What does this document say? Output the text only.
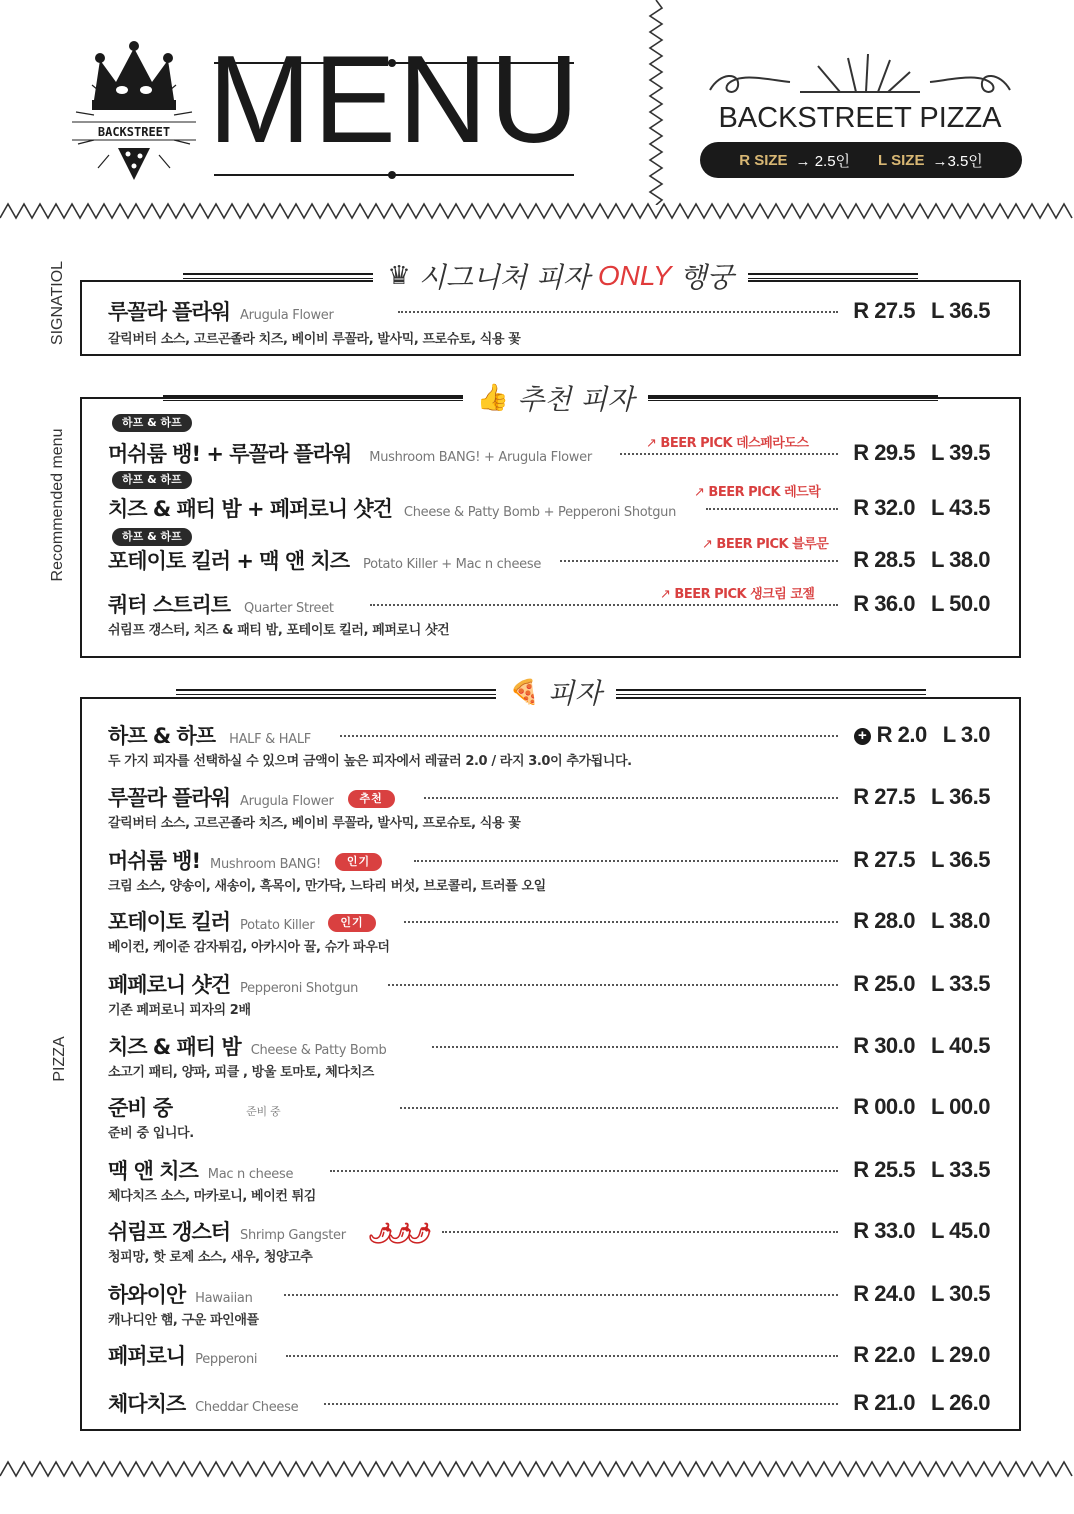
BACKSTREET MENU	BACKSTREET PIZZA
R SIZE → 2.5인 L SIZE →3.5인
SIGNATIOL	♛ 시그니처 피자 ONLY 행궁
루꼴라 플라워 Arugula Flower	R 27.5 L 36.5
갈릭버터 소스, 고르곤졸라 치즈, 베이비 루꼴라, 발사믹, 프로슈토, 식용 꽃
Recommended menu
👍 추천 피자
하프 & 하프
↗ BEER PICK 데스페라도스
머쉬룸 뱅! + 루꼴라 플라워 Mushroom BANG! + Arugula Flower	R 29.5 L 39.5
하프 & 하프
↗ BEER PICK 레드락
치즈 & 패티 밤 + 페퍼로니 샷건 Cheese & Patty Bomb + Pepperoni Shotgun	R 32.0 L 43.5
하프 & 하프
↗ BEER PICK 블루문
포테이토 킬러 + 맥 앤 치즈 Potato Killer + Mac n cheese	R 28.5 L 38.0
↗ BEER PICK 생크림 코젤
쿼터 스트리트 Quarter Street	R 36.0 L 50.0
쉬림프 갱스터, 치즈 & 패티 밤, 포테이토 킬러, 페퍼로니 샷건
PIZZA
🍕 피자
하프 & 하프 HALF & HALF	+ R 2.0 L 3.0
두 가지 피자를 선택하실 수 있으며 금액이 높은 피자에서 레귤러 2.0 / 라지 3.0이 추가됩니다.
루꼴라 플라워 Arugula Flower 추천	R 27.5 L 36.5
갈릭버터 소스, 고르곤졸라 치즈, 베이비 루꼴라, 발사믹, 프로슈토, 식용 꽃
머쉬룸 뱅! Mushroom BANG! 인기	R 27.5 L 36.5
크림 소스, 양송이, 새송이, 흑목이, 만가닥, 느타리 버섯, 브로콜리, 트러플 오일
포테이토 킬러 Potato Killer 인기	R 28.0 L 38.0
베이컨, 케이준 감자튀김, 아카시아 꿀, 슈가 파우더
페페로니 샷건 Pepperoni Shotgun	R 25.0 L 33.5
기존 페퍼로니 피자의 2배
치즈 & 패티 밤 Cheese & Patty Bomb	R 30.0 L 40.5
소고기 패티, 양파, 피클 , 방울 토마토, 체다치즈
준비 중	준비 중	R 00.0 L 00.0
준비 중 입니다.
맥 앤 치즈 Mac n cheese	R 25.5 L 33.5
체다치즈 소스, 마카로니, 베이컨 튀김
쉬림프 갱스터 Shrimp Gangster 🌶🌶🌶	R 33.0 L 45.0
청피망, 핫 로제 소스, 새우, 청양고추
하와이안 Hawaiian	R 24.0 L 30.5
캐나디안 햄, 구운 파인애플
페퍼로니 Pepperoni	R 22.0 L 29.0
체다치즈 Cheddar Cheese	R 21.0 L 26.0
